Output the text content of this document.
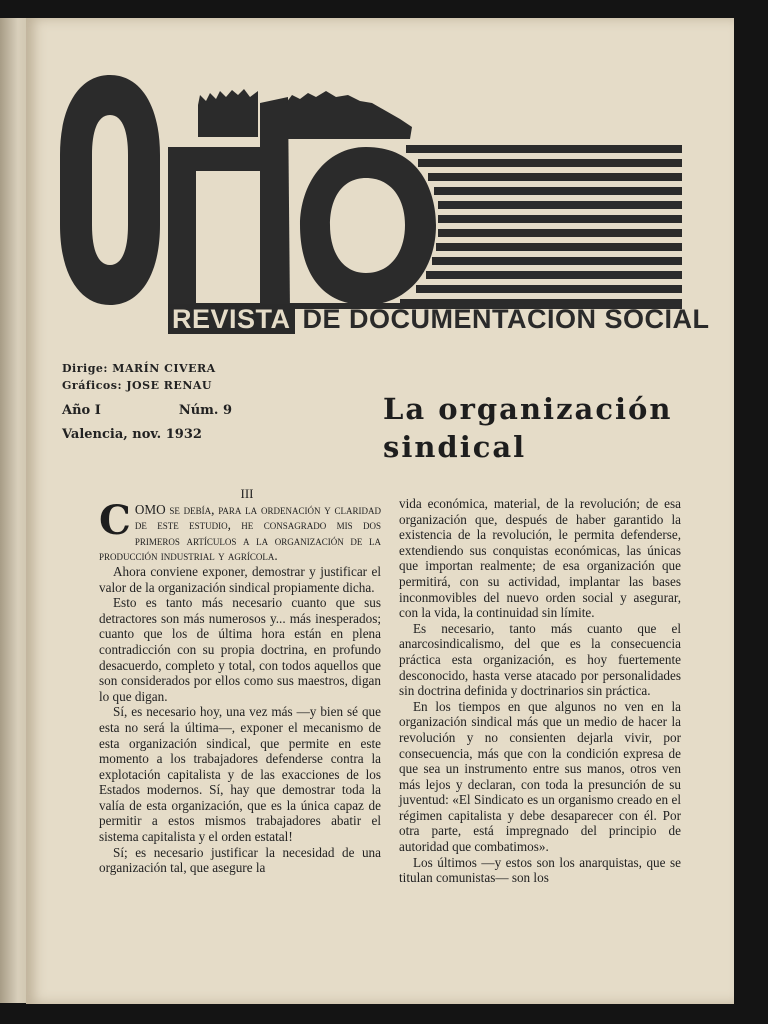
Orto
REVISTA DE DOCUMENTACION SOCIAL
Dirige: MARÍN CIVERA
Gráficos: JOSE RENAU
Año I	Núm. 9
Valencia, nov. 1932
La organización sindical

III

COMO se debía, para la ordenación y claridad de este estudio, he consagrado mis dos primeros artículos a la organización de la producción industrial y agrícola.

Ahora conviene exponer, demostrar y justificar el valor de la organización sindical propiamente dicha.

Esto es tanto más necesario cuanto que sus detractores son más numerosos y... más inesperados; cuanto que los de última hora están en plena contradicción con su propia doctrina, en profundo desacuerdo, completo y total, con todos aquellos que son considerados por ellos como sus maestros, digan lo que digan.

Sí, es necesario hoy, una vez más —y bien sé que esta no será la última—, exponer el mecanismo de esta organización sindical, que permite en este momento a los trabajadores defenderse contra la explotación capitalista y de las exacciones de los Estados modernos. Sí, hay que demostrar toda la valía de esta organización, que es la única capaz de permitir a estos mismos trabajadores abatir el sistema capitalista y el orden estatal!

Sí; es necesario justificar la necesidad de una organización tal, que asegure la

vida económica, material, de la revolución; de esa organización que, después de haber garantido la existencia de la revolución, le permita defenderse, extendiendo sus conquistas económicas, las únicas que importan realmente; de esa organización que permitirá, con su actividad, implantar las bases inconmovibles del nuevo orden social y asegurar, con la vida, la continuidad sin límite.

Es necesario, tanto más cuanto que el anarcosindicalismo, del que es la consecuencia práctica esta organización, es hoy fuertemente desconocido, hasta verse atacado por personalidades sin doctrina definida y doctrinarios sin práctica.

En los tiempos en que algunos no ven en la organización sindical más que un medio de hacer la revolución y no consienten dejarla vivir, por consecuencia, más que con la condición expresa de que sea un instrumento entre sus manos, otros ven más lejos y declaran, con toda la presunción de su juventud: «El Sindicato es un organismo creado en el régimen capitalista y debe desaparecer con él. Por otra parte, está impregnado del principio de autoridad que combatimos».

Los últimos —y estos son los anarquistas, que se titulan comunistas— son los
